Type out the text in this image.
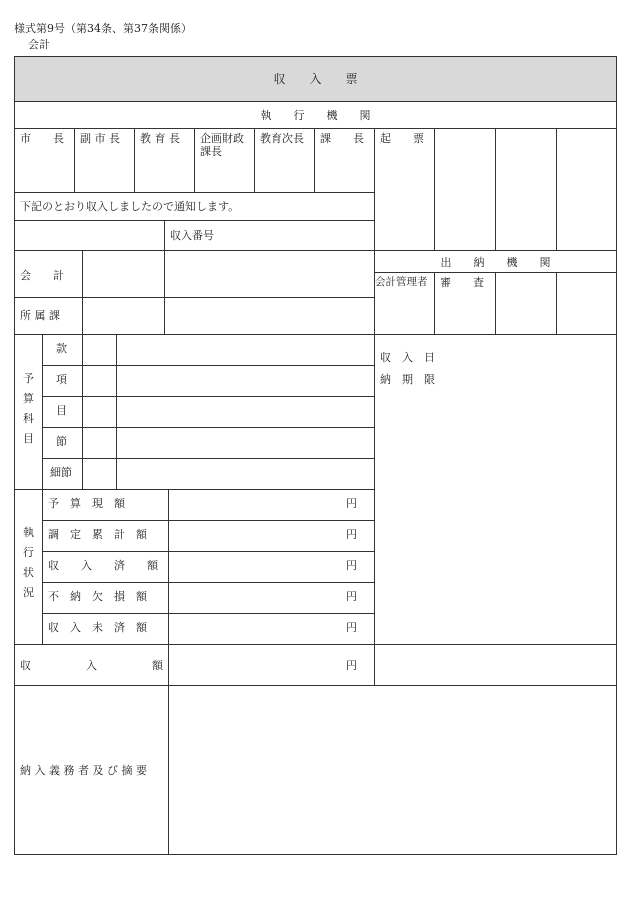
様式第9号（第34条、第37条関係）
会計
収　　入　　票
執　　行　　機　　関
市　　長 副 市 長 教 育 長 企画財政
課長
教育次長 課　　長 起　　票
下記のとおり収入しましたので通知します。
収入番号
会　　計
所 属 課
出　　納　　機　　関
会計管理者 審　　査
予
算
科
目
款
項
目
節
細節
収　入　日
納　期　限
執
行
状
況
予　算　現　額
調　定　累　計　額
収　　入　　済　　額
不　納　欠　損　額
収　入　未　済　額
円
円
円
円
円
収　　　　　入　　　　　額	円
納 入 義 務 者 及 び 摘 要
